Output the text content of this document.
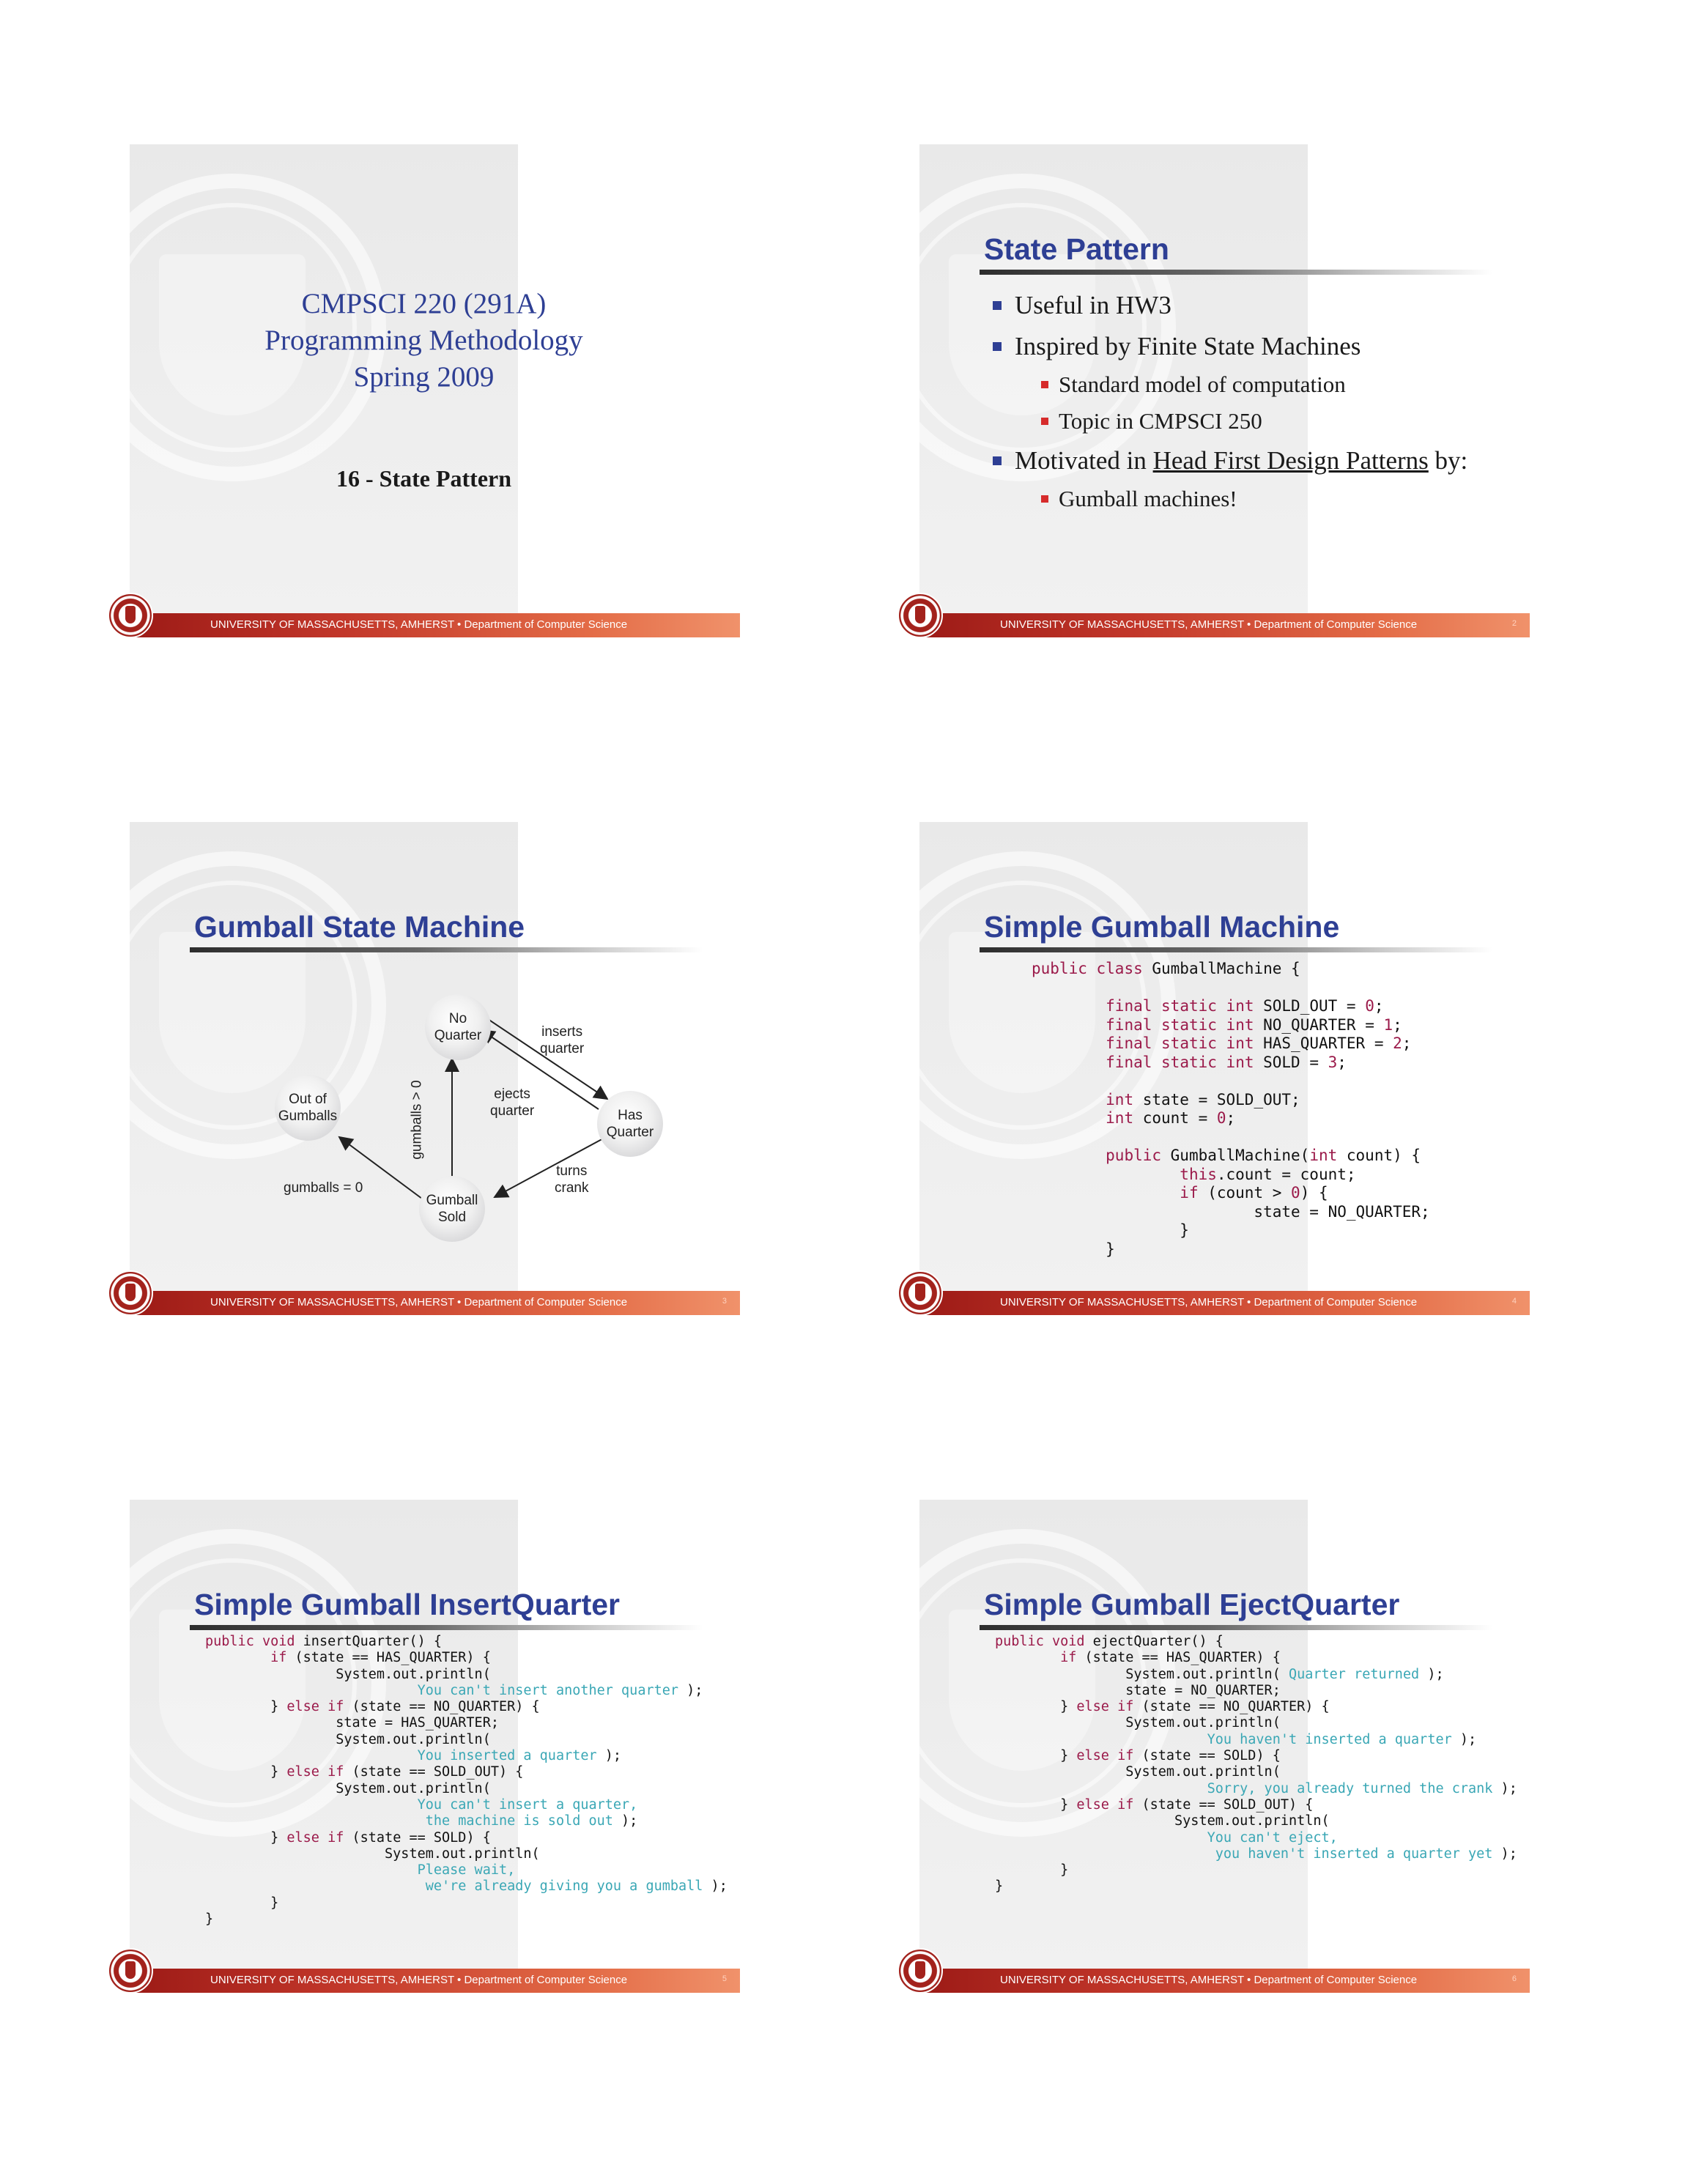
CMPSCI 220 (291A)
Programming Methodology
Spring 2009
16 - State Pattern
UNIVERSITY OF MASSACHUSETTS, AMHERST • Department of Computer Science
State Pattern
Useful in HW3
Inspired by Finite State Machines
Standard model of computation
Topic in CMPSCI 250
Motivated in Head First Design Patterns by:
Gumball machines!
UNIVERSITY OF MASSACHUSETTS, AMHERST • Department of Computer Science	2
Gumball State Machine
No
Quarter
Out of
Gumballs	Has
Quarter
Gumball
Sold
inserts
quarter
ejects
quarter
turns
crank
gumballs = 0
gumballs > 0
UNIVERSITY OF MASSACHUSETTS, AMHERST • Department of Computer Science	3
Simple Gumball Machine
public class GumballMachine {

final static int SOLD_OUT = 0;
final static int NO_QUARTER = 1;
final static int HAS_QUARTER = 2;
final static int SOLD = 3;

int state = SOLD_OUT;
int count = 0;

public GumballMachine(int count) {
this.count = count;
if (count > 0) {
state = NO_QUARTER;
}
}
UNIVERSITY OF MASSACHUSETTS, AMHERST • Department of Computer Science	4
Simple Gumball InsertQuarter
public void insertQuarter() {
if (state == HAS_QUARTER) {
System.out.println(
You can't insert another quarter );
} else if (state == NO_QUARTER) {
state = HAS_QUARTER;
System.out.println(
You inserted a quarter );
} else if (state == SOLD_OUT) {
System.out.println(
You can't insert a quarter,
the machine is sold out );
} else if (state == SOLD) {
System.out.println(
Please wait,
we're already giving you a gumball );
}
}
UNIVERSITY OF MASSACHUSETTS, AMHERST • Department of Computer Science	5
Simple Gumball EjectQuarter
public void ejectQuarter() {
if (state == HAS_QUARTER) {
System.out.println( Quarter returned );
state = NO_QUARTER;
} else if (state == NO_QUARTER) {
System.out.println(
You haven't inserted a quarter );
} else if (state == SOLD) {
System.out.println(
Sorry, you already turned the crank );
} else if (state == SOLD_OUT) {
System.out.println(
You can't eject,
you haven't inserted a quarter yet );
}
}
UNIVERSITY OF MASSACHUSETTS, AMHERST • Department of Computer Science	6
